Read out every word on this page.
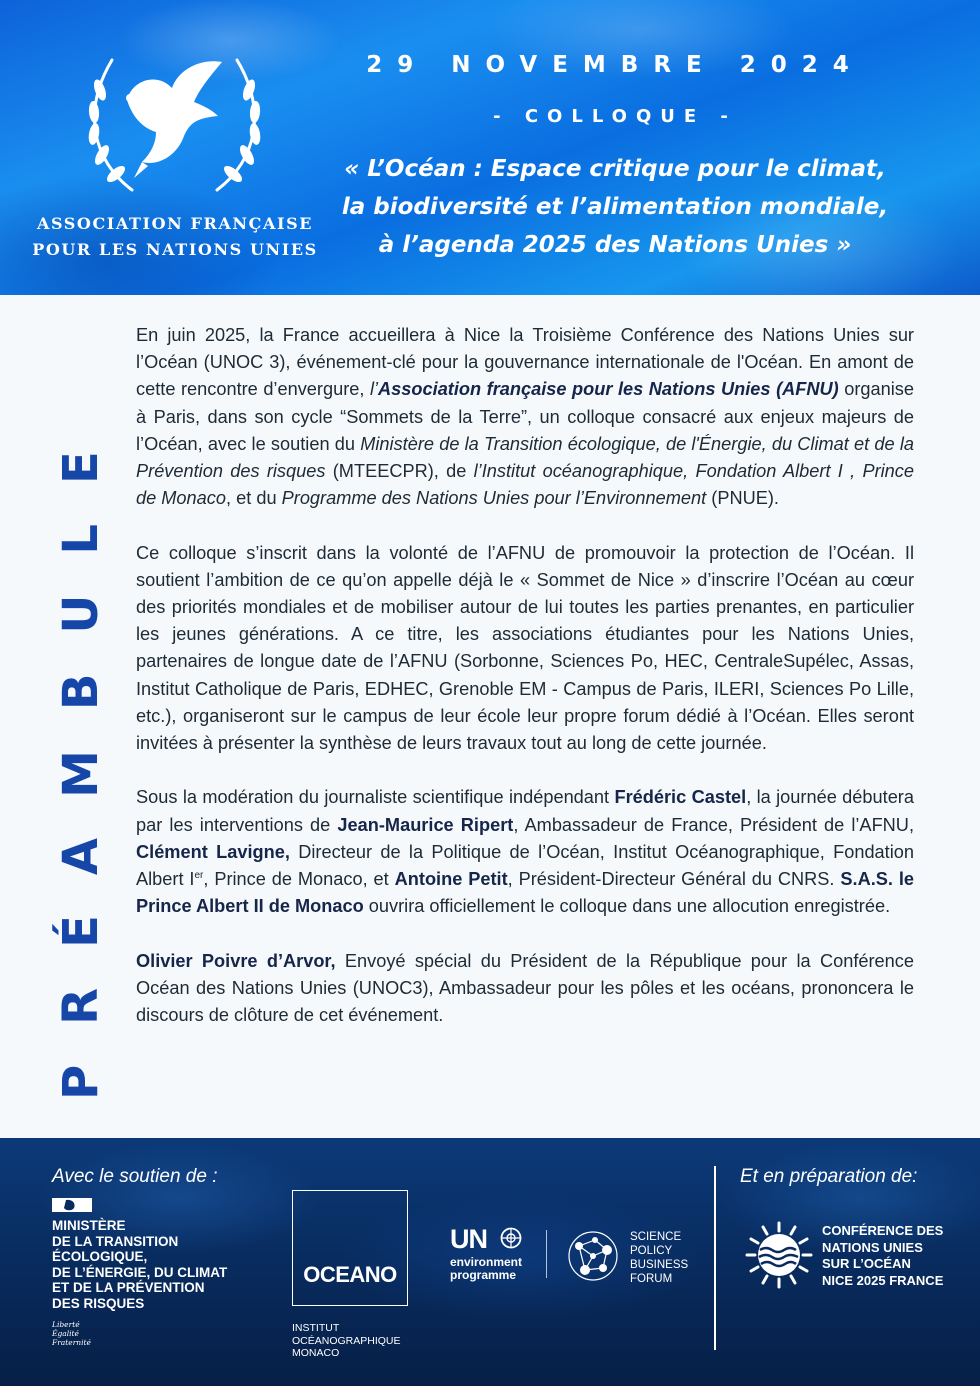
ASSOCIATION FRANÇAISE
POUR LES NATIONS UNIES
29 NOVEMBRE 2024
- COLLOQUE -
« L’Océan : Espace critique pour le climat,
la biodiversité et l’alimentation mondiale,
à l’agenda 2025 des Nations Unies »
PRÉAMBULE

En juin 2025, la France accueillera à Nice la Troisième Conférence des Nations Unies sur l’Océan (UNOC 3), événement-clé pour la gouvernance internationale de l'Océan. En amont de cette rencontre d’envergure, l’Association française pour les Nations Unies (AFNU) organise à Paris, dans son cycle “Sommets de la Terre”, un colloque consacré aux enjeux majeurs de l’Océan, avec le soutien du Ministère de la Transition écologique, de l'Énergie, du Climat et de la Prévention des risques (MTEECPR), de l’Institut océanographique, Fondation Albert I , Prince de Monaco, et du Programme des Nations Unies pour l’Environnement (PNUE).

Ce colloque s’inscrit dans la volonté de l’AFNU de promouvoir la protection de l’Océan. Il soutient l’ambition de ce qu’on appelle déjà le « Sommet de Nice » d’inscrire l’Océan au cœur des priorités mondiales et de mobiliser autour de lui toutes les parties prenantes, en particulier les jeunes générations. A ce titre, les associations étudiantes pour les Nations Unies, partenaires de longue date de l’AFNU (Sorbonne, Sciences Po, HEC, CentraleSupélec, Assas, Institut Catholique de Paris, EDHEC, Grenoble EM - Campus de Paris, ILERI, Sciences Po Lille, etc.), organiseront sur le campus de leur école leur propre forum dédié à l’Océan. Elles seront invitées à présenter la synthèse de leurs travaux tout au long de cette journée.

Sous la modération du journaliste scientifique indépendant Frédéric Castel, la journée débutera par les interventions de Jean-Maurice Ripert, Ambassadeur de France, Président de l’AFNU, Clément Lavigne, Directeur de la Politique de l’Océan, Institut Océanographique, Fondation Albert Ier, Prince de Monaco, et Antoine Petit, Président-Directeur Général du CNRS. S.A.S. le Prince Albert II de Monaco ouvrira officiellement le colloque dans une allocution enregistrée.

Olivier Poivre d’Arvor, Envoyé spécial du Président de la République pour la Conférence Océan des Nations Unies (UNOC3), Ambassadeur pour les pôles et les océans, prononcera le discours de clôture de cet événement.

Avec le soutien de :	Et en préparation de:
MINISTÈRE
DE LA TRANSITION
ÉCOLOGIQUE,
DE L’ÉNERGIE, DU CLIMAT
ET DE LA PRÉVENTION
DES RISQUES
Liberté
Égalité
Fraternité
OCEANO
INSTITUT
OCÉANOGRAPHIQUE
MONACO
UN
environment
programme
SCIENCE
POLICY
BUSINESS
FORUM
CONFÉRENCE DES
NATIONS UNIES
SUR L’OCÉAN
NICE 2025 FRANCE
